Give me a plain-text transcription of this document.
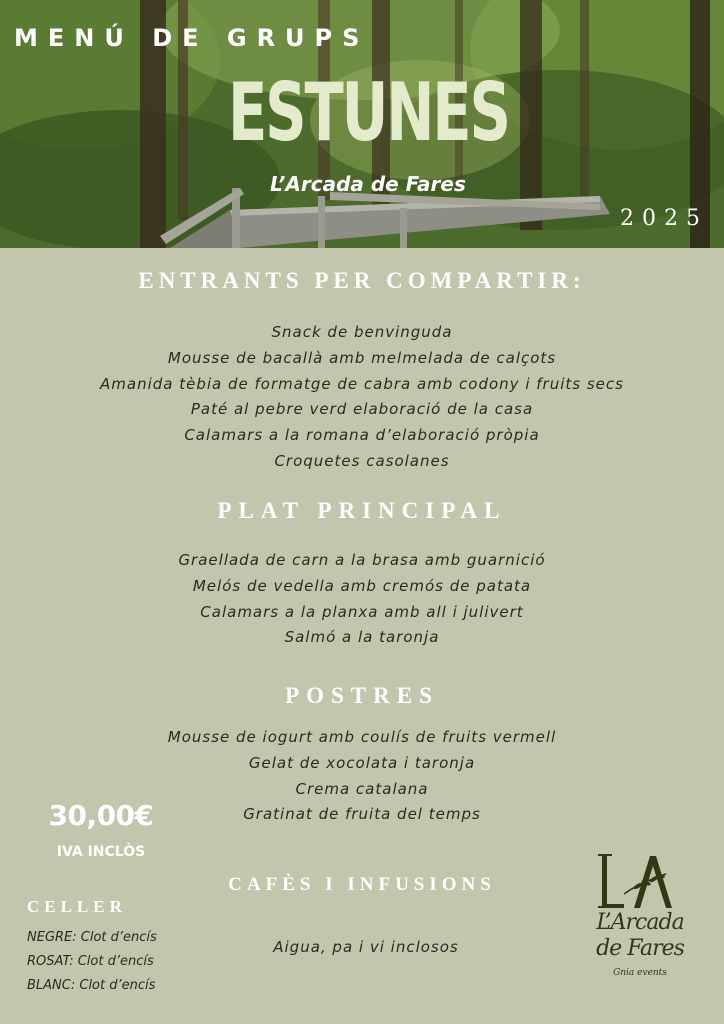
MENÚ DE GRUPS
ESTUNES

L’Arcada de Fares

2025

ENTRANTS PER COMPARTIR:
Snack de benvinguda
Mousse de bacallà amb melmelada de calçots
Amanida tèbia de formatge de cabra amb codony i fruits secs
Paté al pebre verd elaboració de la casa
Calamars a la romana d’elaboració pròpia
Croquetes casolanes
PLAT PRINCIPAL
Graellada de carn a la brasa amb guarnició
Melós de vedella amb cremós de patata
Calamars a la planxa amb all i julivert
Salmó a la taronja
POSTRES
Mousse de iogurt amb coulís de fruits vermell
Gelat de xocolata i taronja
Crema catalana
Gratinat de fruita del temps
CAFÈS I INFUSIONS

30,00€

IVA INCLÒS

CELLER
NEGRE: Clot d’encís
ROSAT: Clot d’encís
BLANC: Clot d’encís

Aigua, pa i vi inclosos

L’Arcada
de Fares

Gnia events
